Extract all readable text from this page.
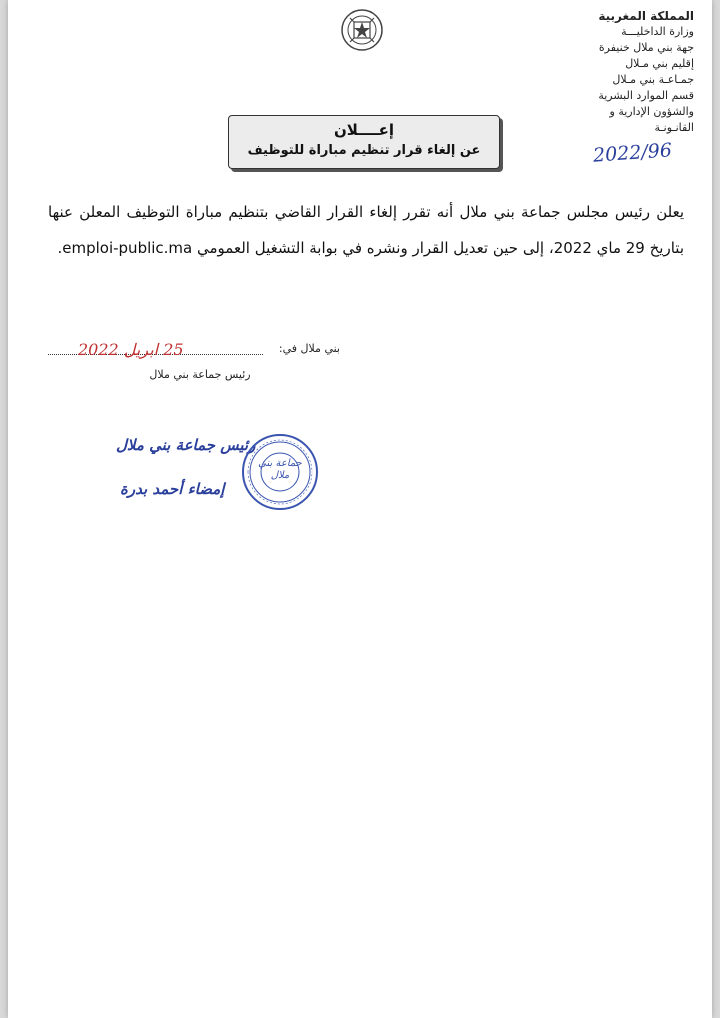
المملكة المغربية
وزارة الداخليـــة
جهة بني ملال خنيفرة
إقليم بني مـلال
جمـاعـة بني مـلال
قسم الموارد البشرية
والشؤون الإدارية و
القانـونـة
إعــــلان
عن إلغاء قرار تنظيم مباراة للتوظيف	2022/96
يعلن رئيس مجلس جماعة بني ملال أنه تقرر إلغاء القرار القاضي بتنظيم مباراة التوظيف المعلن عنها بتاريخ 29 ماي 2022، إلى حين تعديل القرار ونشره في بوابة التشغيل العمومي emploi-public.ma.
بني ملال في:
25 ابريل 2022
رئيس جماعة بني ملال
رئيس جماعة بني ملال
إمضاء أحمد بدرة
جماعة بني ملال
